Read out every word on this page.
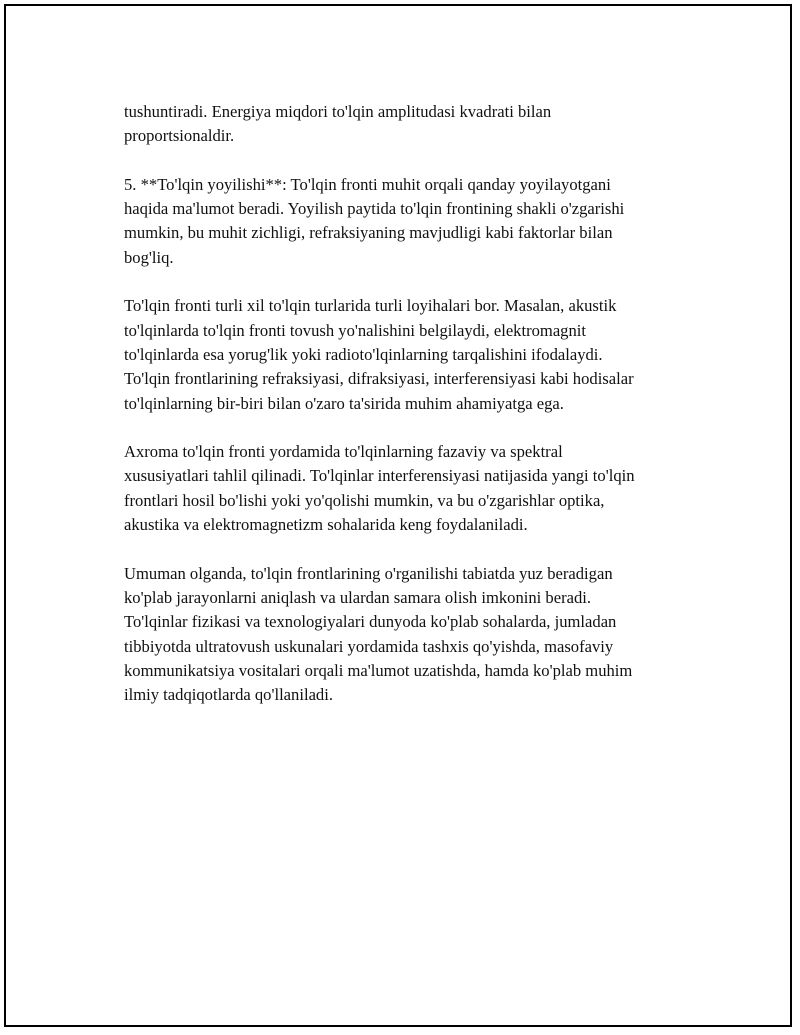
tushuntiradi. Energiya miqdori to'lqin amplitudasi kvadrati bilan
proportsionaldir.

5. **To'lqin yoyilishi**: To'lqin fronti muhit orqali qanday yoyilayotgani
haqida ma'lumot beradi. Yoyilish paytida to'lqin frontining shakli o'zgarishi
mumkin, bu muhit zichligi, refraksiyaning mavjudligi kabi faktorlar bilan
bog'liq.

To'lqin fronti turli xil to'lqin turlarida turli loyihalari bor. Masalan, akustik
to'lqinlarda to'lqin fronti tovush yo'nalishini belgilaydi, elektromagnit
to'lqinlarda esa yorug'lik yoki radioto'lqinlarning tarqalishini ifodalaydi.
To'lqin frontlarining refraksiyasi, difraksiyasi, interferensiyasi kabi hodisalar
to'lqinlarning bir-biri bilan o'zaro ta'sirida muhim ahamiyatga ega.

Axroma to'lqin fronti yordamida to'lqinlarning fazaviy va spektral
xususiyatlari tahlil qilinadi. To'lqinlar interferensiyasi natijasida yangi to'lqin
frontlari hosil bo'lishi yoki yo'qolishi mumkin, va bu o'zgarishlar optika,
akustika va elektromagnetizm sohalarida keng foydalaniladi.

Umuman olganda, to'lqin frontlarining o'rganilishi tabiatda yuz beradigan
ko'plab jarayonlarni aniqlash va ulardan samara olish imkonini beradi.
To'lqinlar fizikasi va texnologiyalari dunyoda ko'plab sohalarda, jumladan
tibbiyotda ultratovush uskunalari yordamida tashxis qo'yishda, masofaviy
kommunikatsiya vositalari orqali ma'lumot uzatishda, hamda ko'plab muhim
ilmiy tadqiqotlarda qo'llaniladi.
